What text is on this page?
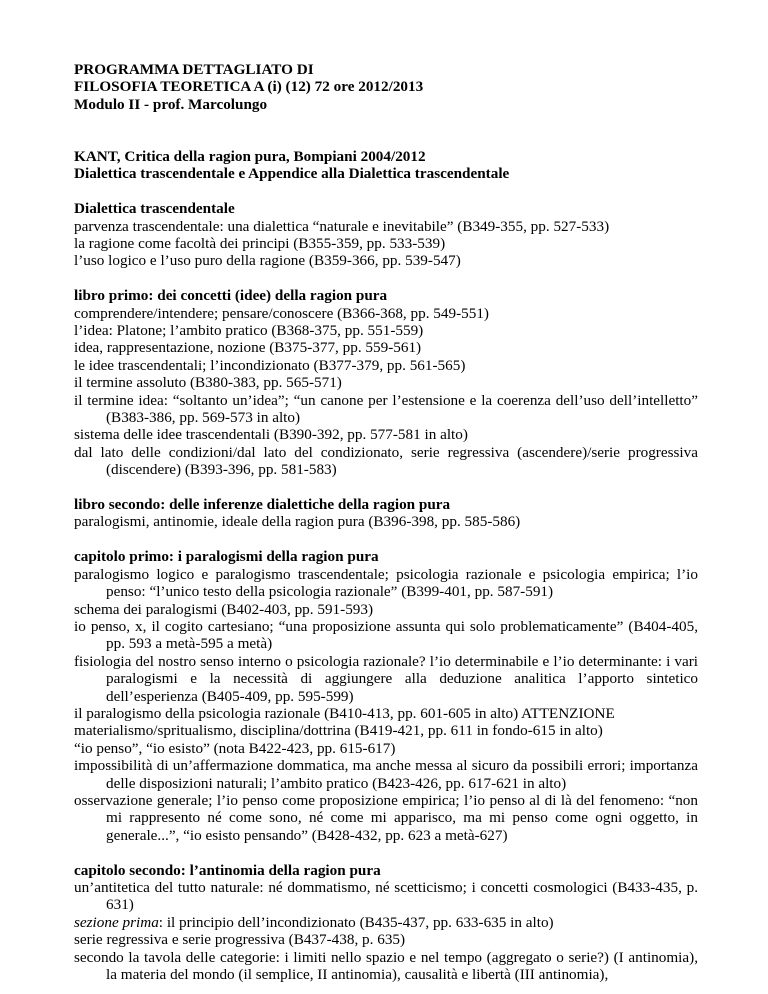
PROGRAMMA DETTAGLIATO DI
FILOSOFIA TEORETICA A (i) (12) 72 ore 2012/2013
Modulo II - prof. Marcolungo
KANT, Critica della ragion pura, Bompiani 2004/2012
Dialettica trascendentale e Appendice alla Dialettica trascendentale
Dialettica trascendentale
parvenza trascendentale: una dialettica “naturale e inevitabile” (B349-355, pp. 527-533)
la ragione come facoltà dei principi (B355-359, pp. 533-539)
l’uso logico e l’uso puro della ragione (B359-366, pp. 539-547)
libro primo: dei concetti (idee) della ragion pura
comprendere/intendere; pensare/conoscere (B366-368, pp. 549-551)
l’idea: Platone; l’ambito pratico (B368-375, pp. 551-559)
idea, rappresentazione, nozione (B375-377, pp. 559-561)
le idee trascendentali; l’incondizionato (B377-379, pp. 561-565)
il termine assoluto (B380-383, pp. 565-571)
il termine idea: “soltanto un’idea”; “un canone per l’estensione e la coerenza dell’uso dell’intelletto” (B383-386, pp. 569-573 in alto)
sistema delle idee trascendentali (B390-392, pp. 577-581 in alto)
dal lato delle condizioni/dal lato del condizionato, serie regressiva (ascendere)/serie progressiva (discendere) (B393-396, pp. 581-583)
libro secondo: delle inferenze dialettiche della ragion pura
paralogismi, antinomie, ideale della ragion pura (B396-398, pp. 585-586)
capitolo primo: i paralogismi della ragion pura
paralogismo logico e paralogismo trascendentale; psicologia razionale e psicologia empirica; l’io penso: “l’unico testo della psicologia razionale” (B399-401, pp. 587-591)
schema dei paralogismi (B402-403, pp. 591-593)
io penso, x, il cogito cartesiano; “una proposizione assunta qui solo problematicamente” (B404-405, pp. 593 a metà-595 a metà)
fisiologia del nostro senso interno o psicologia razionale? l’io determinabile e l’io determinante: i vari paralogismi e la necessità di aggiungere alla deduzione analitica l’apporto sintetico dell’esperienza (B405-409, pp. 595-599)
il paralogismo della psicologia razionale (B410-413, pp. 601-605 in alto) ATTENZIONE
materialismo/spritualismo, disciplina/dottrina (B419-421, pp. 611 in fondo-615 in alto)
“io penso”, “io esisto” (nota B422-423, pp. 615-617)
impossibilità di un’affermazione dommatica, ma anche messa al sicuro da possibili errori; importanza delle disposizioni naturali; l’ambito pratico (B423-426, pp. 617-621 in alto)
osservazione generale; l’io penso come proposizione empirica; l’io penso al di là del fenomeno: “non mi rappresento né come sono, né come mi apparisco, ma mi penso come ogni oggetto, in generale...”, “io esisto pensando” (B428-432, pp. 623 a metà-627)
capitolo secondo: l’antinomia della ragion pura
un’antitetica del tutto naturale: né dommatismo, né scetticismo; i concetti cosmologici (B433-435, p. 631)
sezione prima: il principio dell’incondizionato (B435-437, pp. 633-635 in alto)
serie regressiva e serie progressiva (B437-438, p. 635)
secondo la tavola delle categorie: i limiti nello spazio e nel tempo (aggregato o serie?) (I antinomia), la materia del mondo (il semplice, II antinomia), causalità e libertà (III antinomia),
